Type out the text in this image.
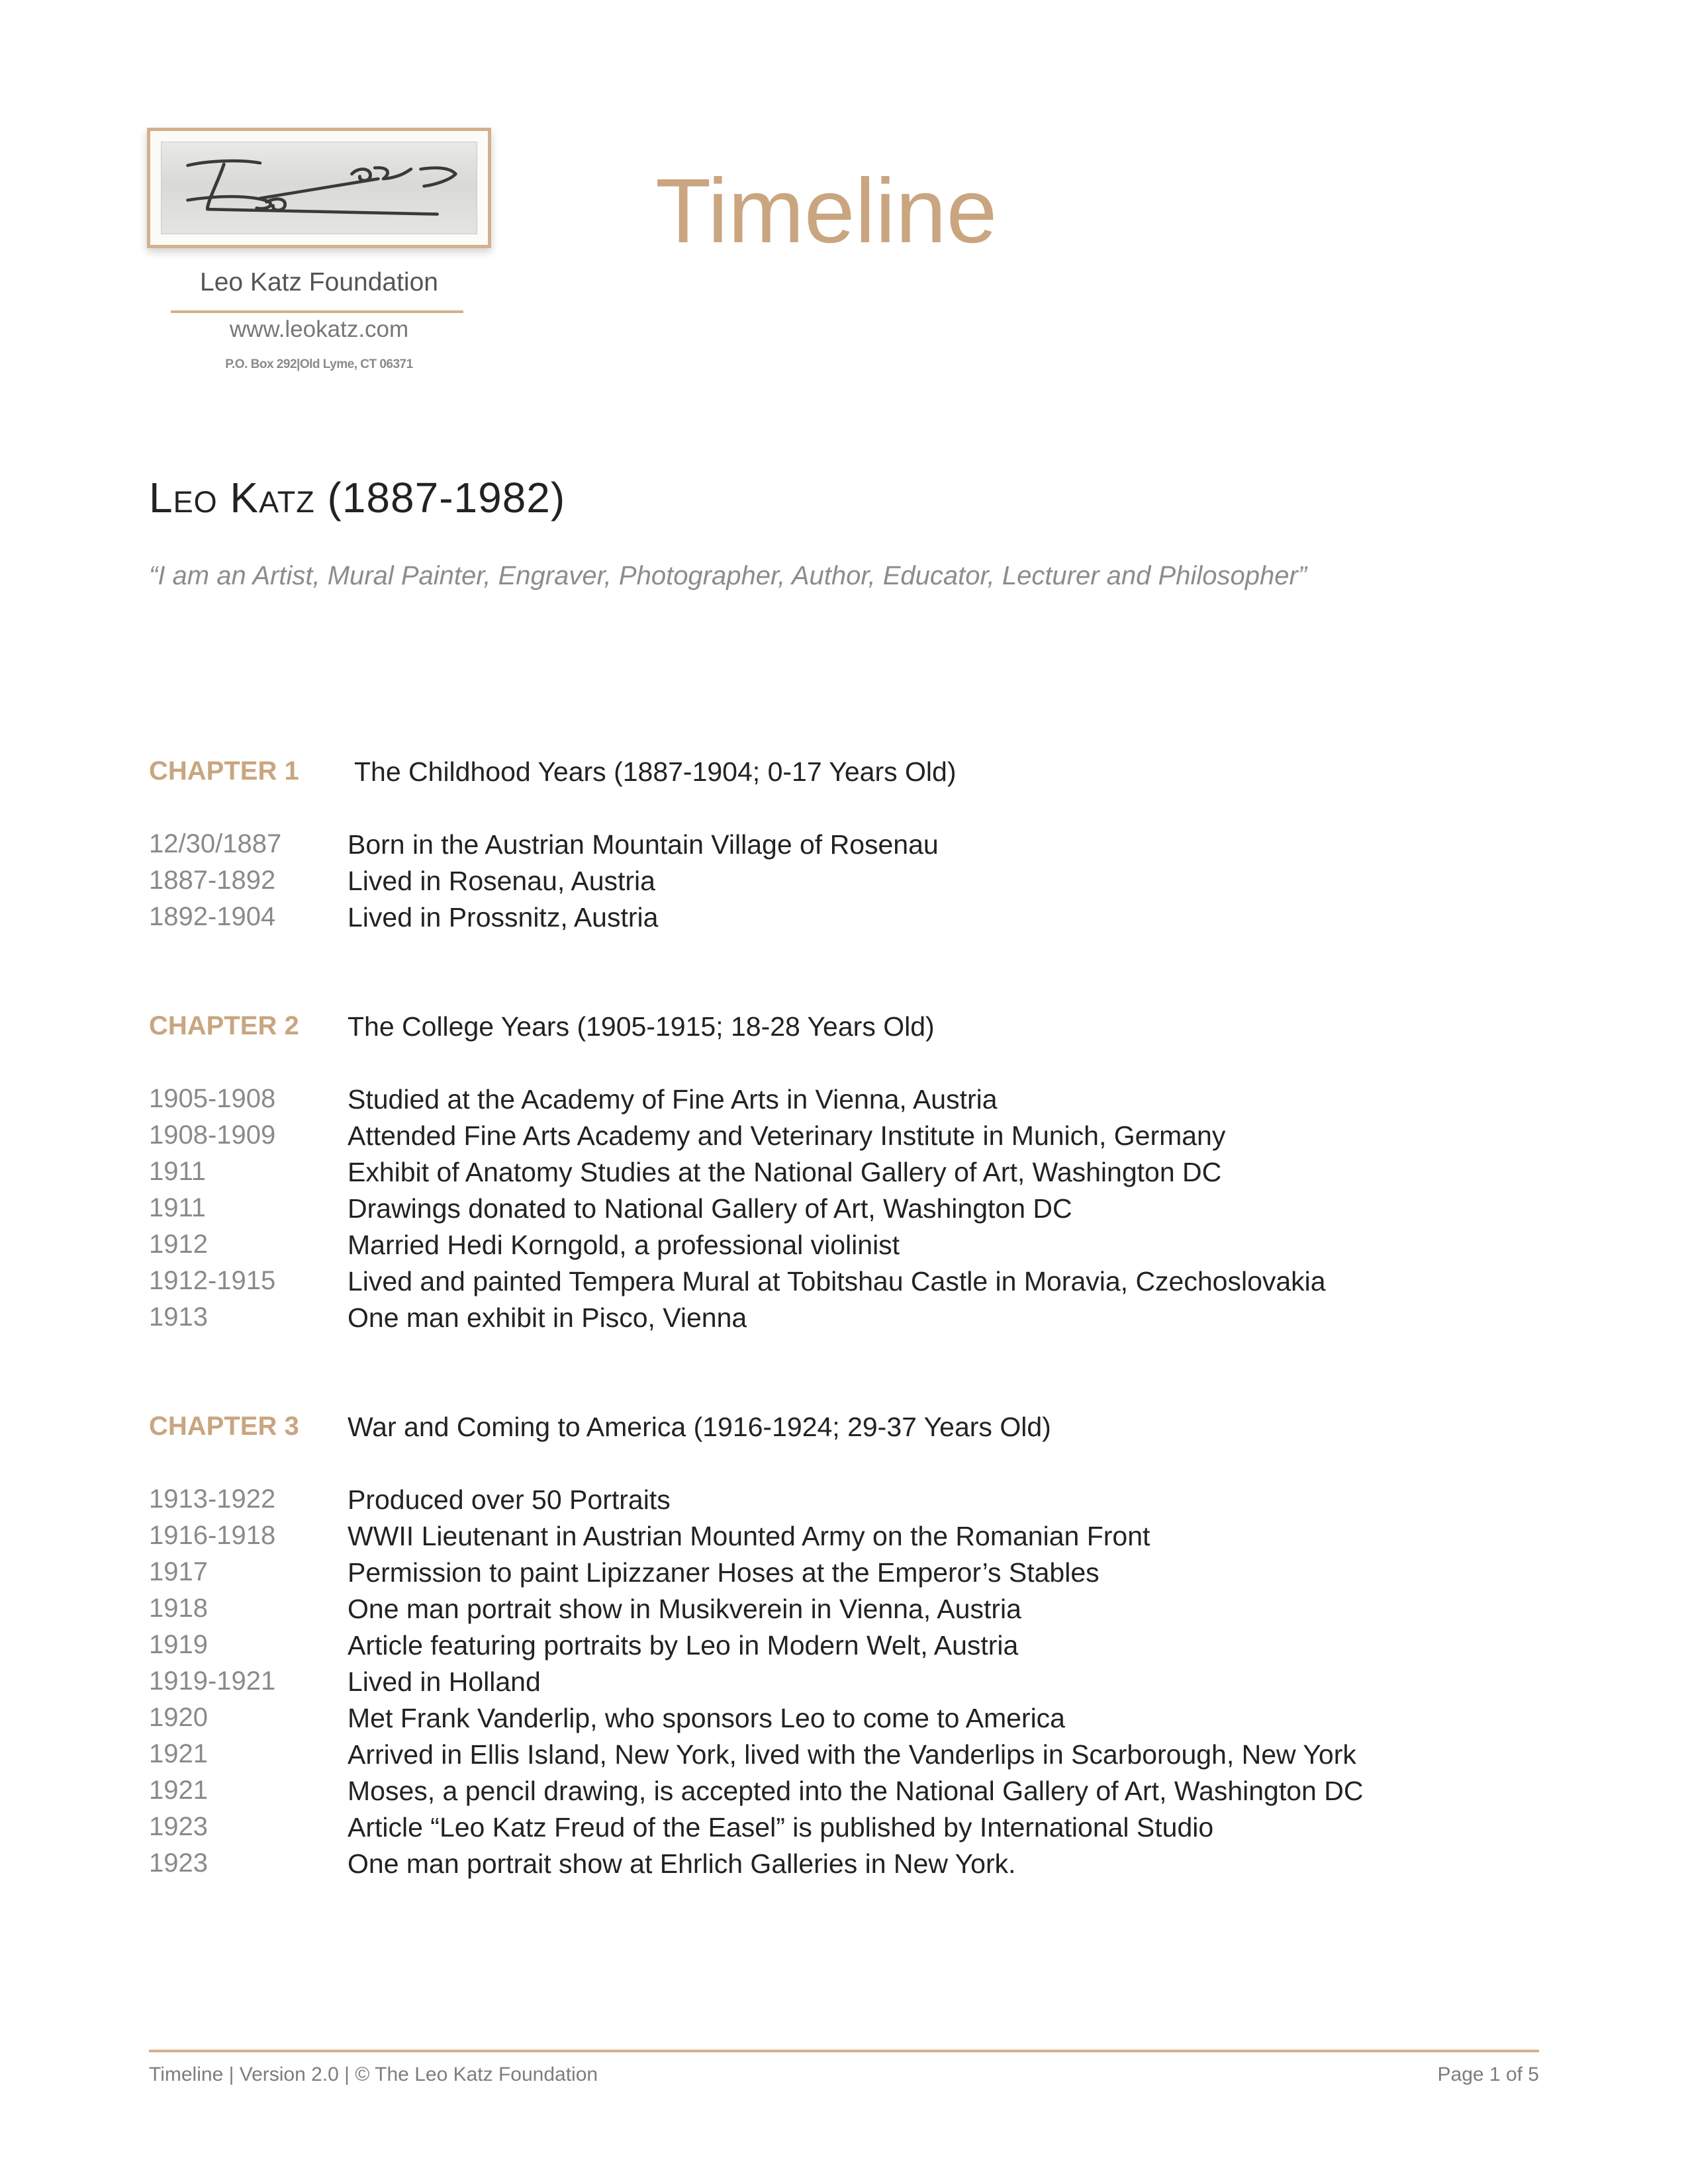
Leo Katz Foundation
www.leokatz.com
P.O. Box 292|Old Lyme, CT 06371
Timeline
Leo Katz (1887-1982)
“I am an Artist, Mural Painter, Engraver, Photographer, Author, Educator, Lecturer and Philosopher”
CHAPTER 1 The Childhood Years (1887-1904; 0-17 Years Old)
12/30/1887 Born in the Austrian Mountain Village of Rosenau
1887-1892	Lived in Rosenau, Austria
1892-1904	Lived in Prossnitz, Austria
CHAPTER 2 The College Years (1905-1915; 18-28 Years Old)
1905-1908	Studied at the Academy of Fine Arts in Vienna, Austria
1908-1909	Attended Fine Arts Academy and Veterinary Institute in Munich, Germany
1911	Exhibit of Anatomy Studies at the National Gallery of Art, Washington DC
1911	Drawings donated to National Gallery of Art, Washington DC
1912	Married Hedi Korngold, a professional violinist
1912-1915	Lived and painted Tempera Mural at Tobitshau Castle in Moravia, Czechoslovakia
1913	One man exhibit in Pisco, Vienna
CHAPTER 3 War and Coming to America (1916-1924; 29-37 Years Old)
1913-1922	Produced over 50 Portraits
1916-1918	WWII Lieutenant in Austrian Mounted Army on the Romanian Front
1917	Permission to paint Lipizzaner Hoses at the Emperor’s Stables
1918	One man portrait show in Musikverein in Vienna, Austria
1919	Article featuring portraits by Leo in Modern Welt, Austria
1919-1921	Lived in Holland
1920	Met Frank Vanderlip, who sponsors Leo to come to America
1921	Arrived in Ellis Island, New York, lived with the Vanderlips in Scarborough, New York
1921	Moses, a pencil drawing, is accepted into the National Gallery of Art, Washington DC
1923	Article “Leo Katz Freud of the Easel” is published by International Studio
1923	One man portrait show at Ehrlich Galleries in New York.
Timeline | Version 2.0 | © The Leo Katz Foundation	Page 1 of 5
